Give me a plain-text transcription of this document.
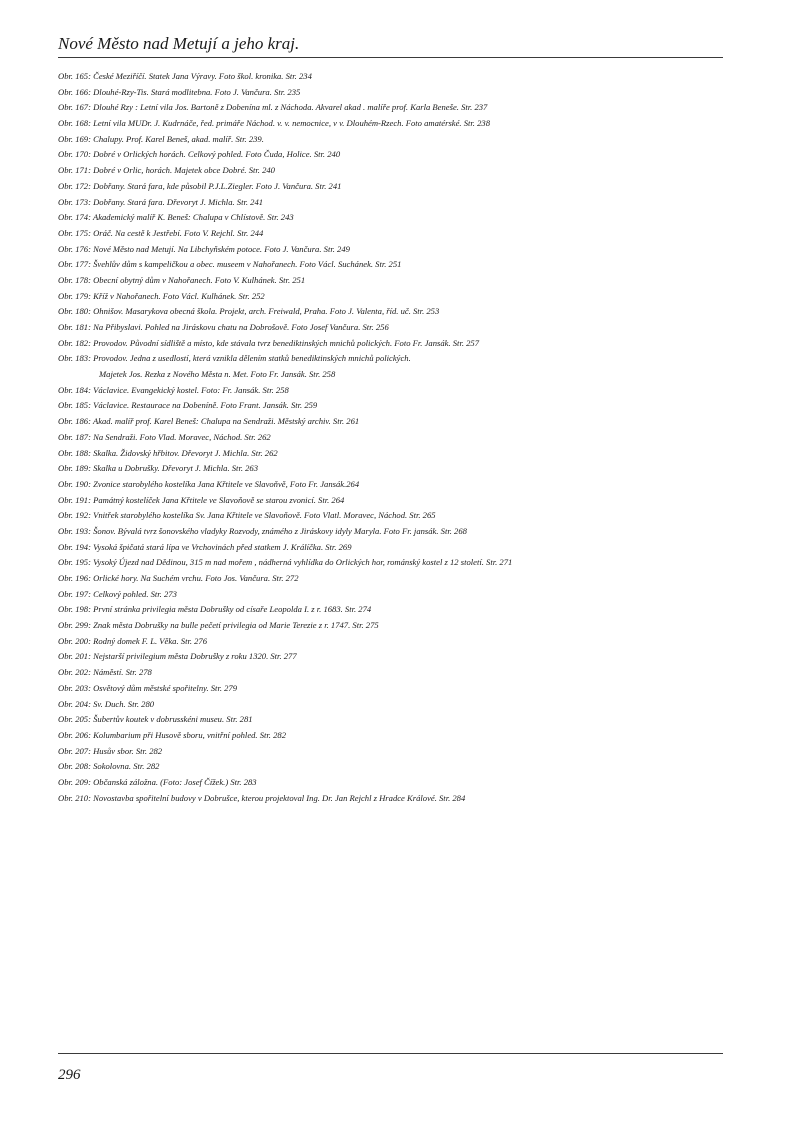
Nové Město nad Metují a jeho kraj.
Obr. 165: České Meziříčí. Statek Jana Výravy. Foto škol. kronika. Str. 234
Obr. 166: Dlouhé-Rzy-Tis. Stará modlitebna. Foto J. Vančura. Str. 235
Obr. 167: Dlouhé Rzy : Letní vila Jos. Bartoně z Dobenína ml. z Náchoda. Akvarel akad . malíře prof. Karla Beneše. Str. 237
Obr. 168: Letní vila MUDr. J. Kudrnáče, řed. primáře Náchod. v. v. nemocnice, v v. Dlouhém-Rzech. Foto amatérské. Str. 238
Obr. 169: Chalupy. Prof. Karel Beneš, akad. malíř. Str. 239.
Obr. 170: Dobré v Orlických horách. Celkový pohled. Foto Čuda, Holice. Str. 240
Obr. 171: Dobré v Orlic, horách. Majetek obce Dobré. Str. 240
Obr. 172: Dobřany. Stará fara, kde působil P.J.L.Ziegler. Foto J. Vančura. Str. 241
Obr. 173: Dobřany. Stará fara. Dřevoryt J. Michla. Str. 241
Obr. 174: Akademický malíř K. Beneš: Chalupa v Chlístově. Str. 243
Obr. 175: Oráč. Na cestě k Jestřebí. Foto V. Rejchl. Str. 244
Obr. 176: Nové Město nad Metují. Na Libchyňském potoce. Foto J. Vančura. Str. 249
Obr. 177: Švehlův dům s kampeličkou a obec. museem v Nahořanech. Foto Václ. Suchánek. Str. 251
Obr. 178: Obecní obytný dům v Nahořanech. Foto V. Kulhánek. Str. 251
Obr. 179: Kříž v Nahořanech. Foto Václ. Kulhánek. Str. 252
Obr. 180: Ohnišov. Masarykova obecná škola. Projekt, arch. Freiwald, Praha. Foto J. Valenta, říd. uč. Str. 253
Obr. 181: Na Přibyslavi. Pohled na Jiráskovu chatu na Dobrošově. Foto Josef Vančura. Str. 256
Obr. 182: Provodov. Původní sídliště a místo, kde stávala tvrz benediktinských mnichů polických. Foto Fr. Jansák. Str. 257
Obr. 183: Provodov. Jedna z usedlostí, která vznikla dělením statků benediktinských mnichů polických.
Majetek Jos. Rezka z Nového Města n. Met. Foto Fr. Jansák. Str. 258
Obr. 184: Václavice. Evangekický kostel. Foto: Fr. Jansák. Str. 258
Obr. 185: Václavice. Restaurace na Dobeníně. Foto Frant. Jansák. Str. 259
Obr. 186: Akad. malíř prof. Karel Beneš: Chalupa na Sendraži. Městský archiv. Str. 261
Obr. 187: Na Sendraži. Foto Vlad. Moravec, Náchod. Str. 262
Obr. 188: Skalka. Židovský hřbitov. Dřevoryt J. Michla. Str. 262
Obr. 189: Skalka u Dobrušky. Dřevoryt J. Michla. Str. 263
Obr. 190: Zvonice starobylého kostelíka Jana Křtitele ve Slavoňvě, Foto Fr. Jansák.264
Obr. 191: Památný kostelíček Jana Křtitele ve Slavoňově se starou zvonicí. Str. 264
Obr. 192: Vnitřek starobylého kostelíka Sv. Jana Křtitele ve Slavoňově. Foto Vlatl. Moravec, Náchod. Str. 265
Obr. 193: Šonov. Bývalá tvrz šonovského vladyky Rozvody, známého z Jiráskovy idyly Maryla. Foto Fr. jansák. Str. 268
Obr. 194: Vysoká špičatá stará lípa ve Vrchovinách před statkem J. Králíčka. Str. 269
Obr. 195: Vysoký Újezd nad Dědinou, 315 m nad mořem , nádherná vyhlídka do Orlických hor, románský kostel z 12 století. Str. 271
Obr. 196: Orlické hory. Na Suchém vrchu. Foto Jos. Vančura. Str. 272
Obr. 197: Celkový pohled. Str. 273
Obr. 198: První stránka privilegia města Dobrušky od císaře Leopolda I. z r. 1683. Str. 274
Obr. 299: Znak města Dobrušky na bulle pečetí privilegia od Marie Terezie z r. 1747. Str. 275
Obr. 200: Rodný domek F. L. Věka. Str. 276
Obr. 201: Nejstarší privilegium města Dobrušky z roku 1320. Str. 277
Obr. 202: Náměstí. Str. 278
Obr. 203: Osvětový dům městské spořitelny. Str. 279
Obr. 204: Sv. Duch. Str. 280
Obr. 205: Šubertův koutek v dobrusskéni museu. Str. 281
Obr. 206: Kolumbarium při Husově sboru, vnitřní pohled. Str. 282
Obr. 207: Husův sbor. Str. 282
Obr. 208: Sokolovna. Str. 282
Obr. 209: Občanská záložna. (Foto: Josef Čížek.) Str. 283
Obr. 210: Novostavba spořitelní budovy v Dobrušce, kterou projektoval Ing. Dr. Jan Rejchl z Hradce Králové. Str. 284
296
